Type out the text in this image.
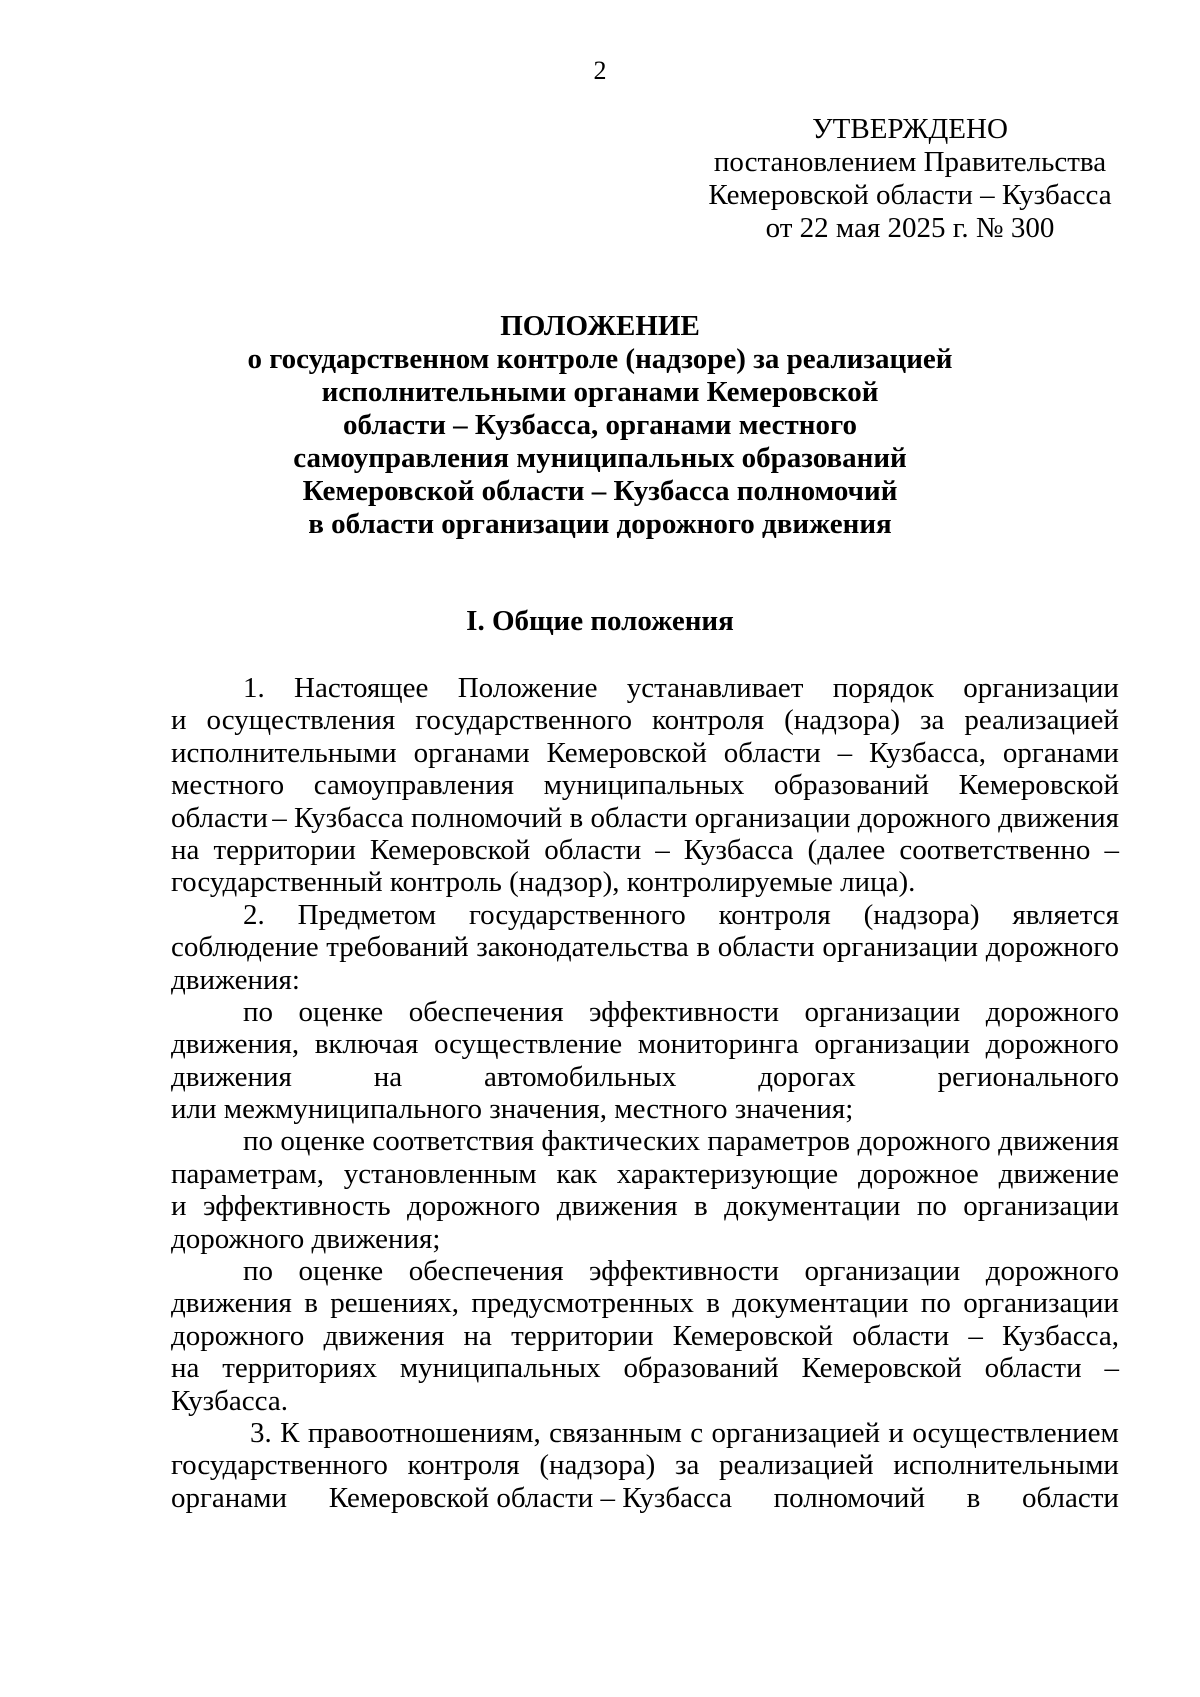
2
УТВЕРЖДЕНО
постановлением Правительства
Кемеровской области – Кузбасса
от 22 мая 2025 г. № 300
ПОЛОЖЕНИЕ
о государственном контроле (надзоре) за реализацией
исполнительными органами Кемеровской
области – Кузбасса, органами местного
самоуправления муниципальных образований
Кемеровской области – Кузбасса полномочий
в области организации дорожного движения
I. Общие положения
1. Настоящее Положение устанавливает порядок организации
и осуществления государственного контроля (надзора) за реализацией
исполнительными органами Кемеровской области – Кузбасса, органами
местного самоуправления муниципальных образований Кемеровской
области – Кузбасса полномочий в области организации дорожного движения
на территории Кемеровской области – Кузбасса (далее соответственно –
государственный контроль (надзор), контролируемые лица).
2. Предметом государственного контроля (надзора) является
соблюдение требований законодательства в области организации дорожного
движения:
по оценке обеспечения эффективности организации дорожного
движения, включая осуществление мониторинга организации дорожного
движения	на	автомобильных	дорогах	регионального
или межмуниципального значения, местного значения;
по оценке соответствия фактических параметров дорожного движения
параметрам, установленным как характеризующие дорожное движение
и эффективность дорожного движения в документации по организации
дорожного движения;
по оценке обеспечения эффективности организации дорожного
движения в решениях, предусмотренных в документации по организации
дорожного движения на территории Кемеровской области – Кузбасса,
на территориях муниципальных образований Кемеровской области –
Кузбасса.
3. К правоотношениям, связанным с организацией и осуществлением
государственного контроля (надзора) за реализацией исполнительными
органами Кемеровской области – Кузбасса полномочий в области
